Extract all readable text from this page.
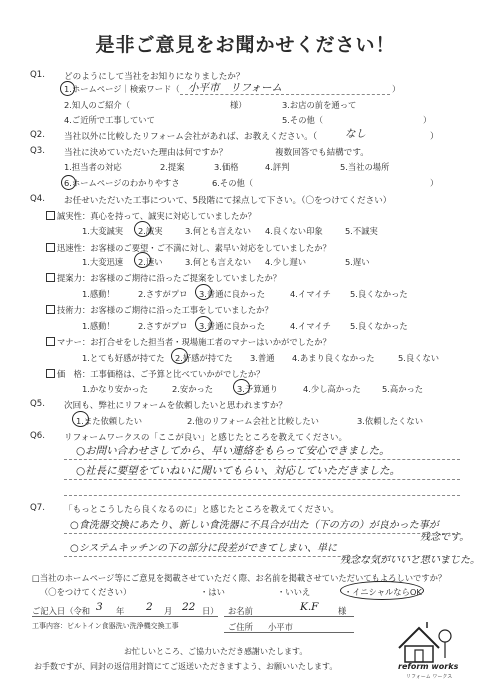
是非ご意見をお聞かせください！
Q1. どのようにして当社をお知りになりましたか？
1.ホームページ｜検索ワード（ 小平市　リフォーム	）
2.知人のご紹介（	様）	3.お店の前を通って
4.ご近所で工事していて	5.その他（	）
Q2. 当社以外に比較したリフォーム会社があれば、お教えください。（	なし	）
Q3. 当社に決めていただいた理由は何ですか？	複数回答でも結構です。
1.担当者の対応	2.提案	3.価格	4.評判	5.当社の場所
6.ホームページのわかりやすさ	6.その他（	）
Q4. お任せいただいた工事について、5段階にて採点して下さい。（〇をつけてください）
誠実性：真心を持って、誠実に対応していましたか？
1.大変誠実 2.誠実	3.何とも言えない 4.良くない印象	5.不誠実
迅速性：お客様のご要望・ご不満に対し、素早い対応をしていましたか？
1.大変迅速 2.速い	3.何とも言えない 4.少し遅い	5.遅い
提案力：お客様のご期待に沿ったご提案をしていましたか？
1.感動！	2.さすがプロ 3.普通に良かった	4.イマイチ 5.良くなかった
技術力：お客様のご期待に沿った工事をしていましたか？
1.感動！	2.さすがプロ 3.普通に良かった	4.イマイチ 5.良くなかった
マナー：お打合せをした担当者・現場施工者のマナーはいかがでしたか？
1.とても好感が持てた 2.好感が持てた 3.普通 4.あまり良くなかった	5.良くない
価　格：工事価格は、ご予算と比べていかがでしたか？
1.かなり安かった	2.安かった	3.予算通り	4.少し高かった	5.高かった
Q5. 次回も、弊社にリフォームを依頼したいと思われますか？
1.また依頼したい	2.他のリフォーム会社と比較したい	3.依頼したくない
Q6. リフォームワークスの「ここが良い」と感じたところを教えてください。
○お問い合わせさしてから、早い連絡をもらって安心できました。
○社長に要望をていねいに聞いてもらい、対応していただきました。
Q7. 「もっとこうしたら良くなるのに」と感じたところを教えてください。
○食洗器交換にあたり、新しい食洗器に不具合が出た（下の方の）が良かった事が
残念です。
○システムキッチンの下の部分に段差ができてしまい、単に
残念な気がいいと思いました。
□当社のホームページ等にご意見を掲載させていただく際、お名前を掲載させていただいてもよろしいですか？
（〇をつけてください）	・はい	・いいえ	・イニシャルならOK
ご記入日（令和 3 年 2 月 22 日） お名前	K.F 様
工事内容：ビルトイン食器洗い洗浄機交換工事	ご住所 小平市
お忙しいところ、ご協力いただき感謝いたします。
お手数ですが、同封の返信用封筒にてご返送いただきますよう、お願いいたします。	reform works
リフォーム ワークス
